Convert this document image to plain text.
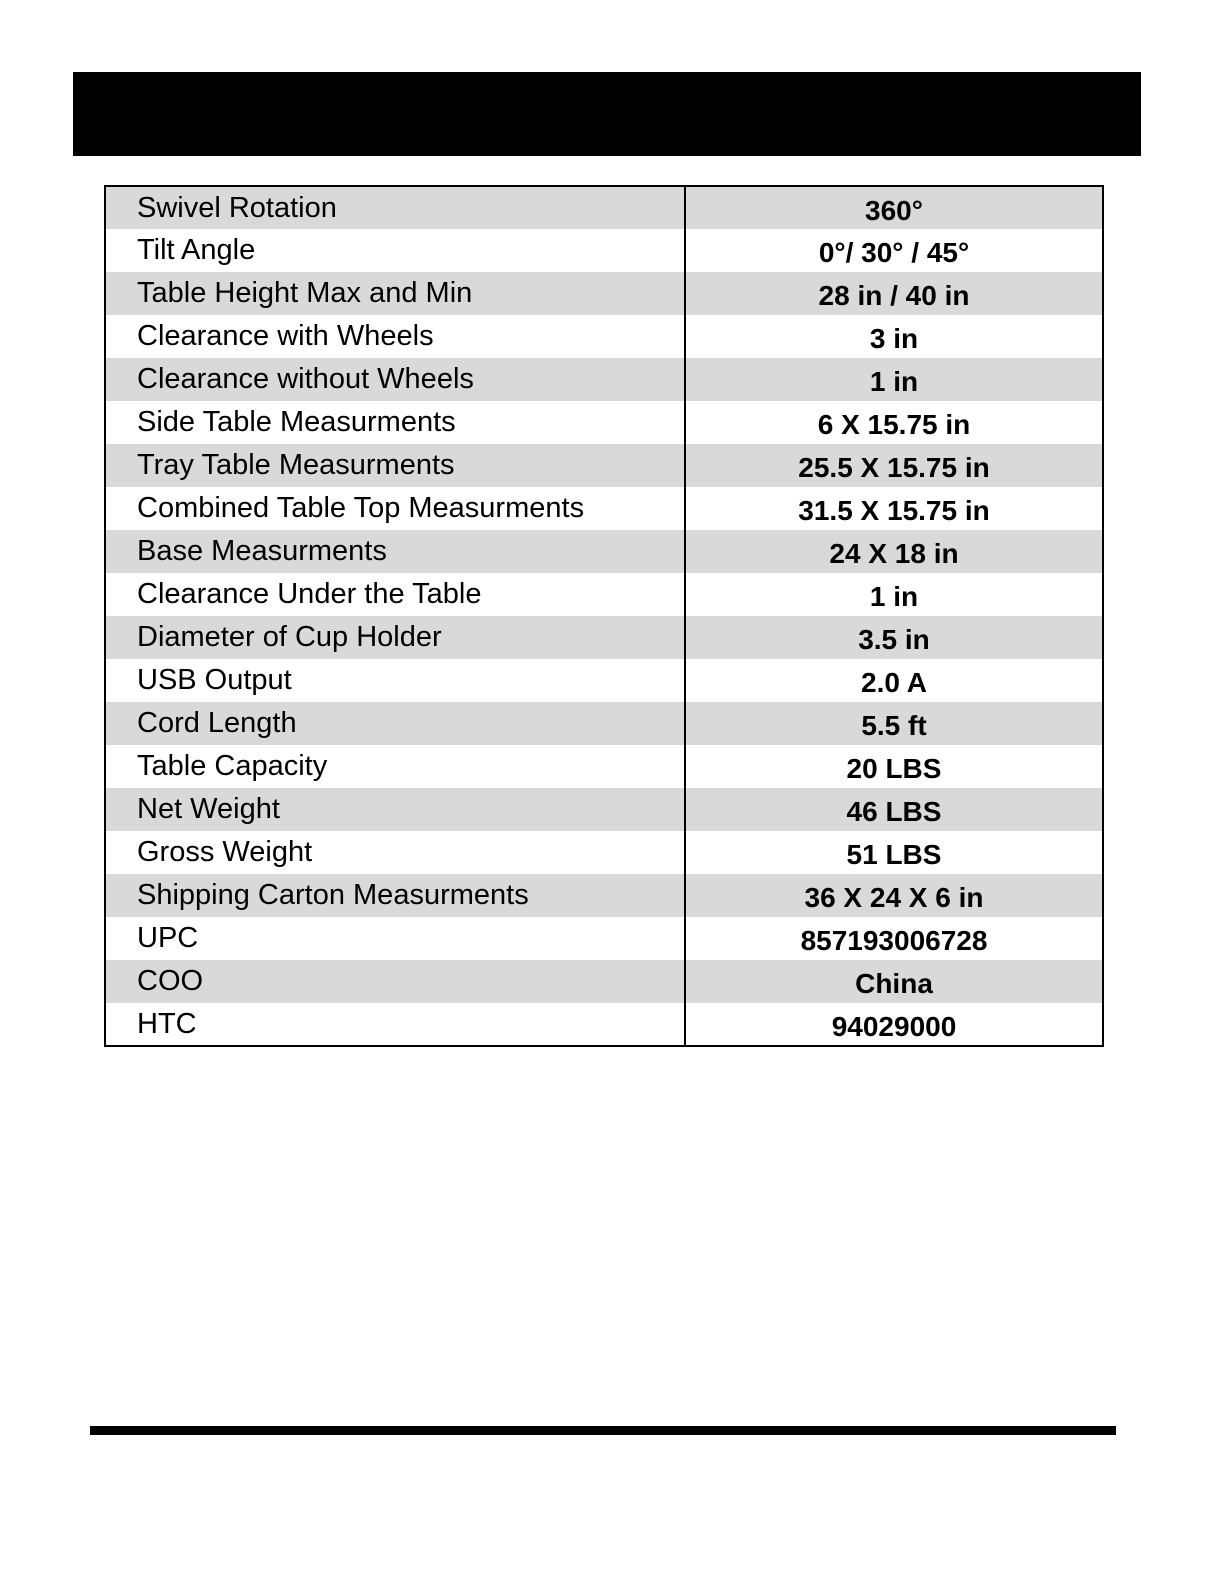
Swivel Rotation	360°
Tilt Angle	0°/ 30° / 45°
Table Height Max and Min	28 in / 40 in
Clearance with Wheels	3 in
Clearance without Wheels	1 in
Side Table Measurments	6 X 15.75 in
Tray Table Measurments	25.5 X 15.75 in
Combined Table Top Measurments	31.5 X 15.75 in
Base Measurments	24 X 18 in
Clearance Under the Table	1 in
Diameter of Cup Holder	3.5 in
USB Output	2.0 A
Cord Length	5.5 ft
Table Capacity	20 LBS
Net Weight	46 LBS
Gross Weight	51 LBS
Shipping Carton Measurments	36 X 24 X 6 in
UPC	857193006728
COO	China
HTC	94029000
